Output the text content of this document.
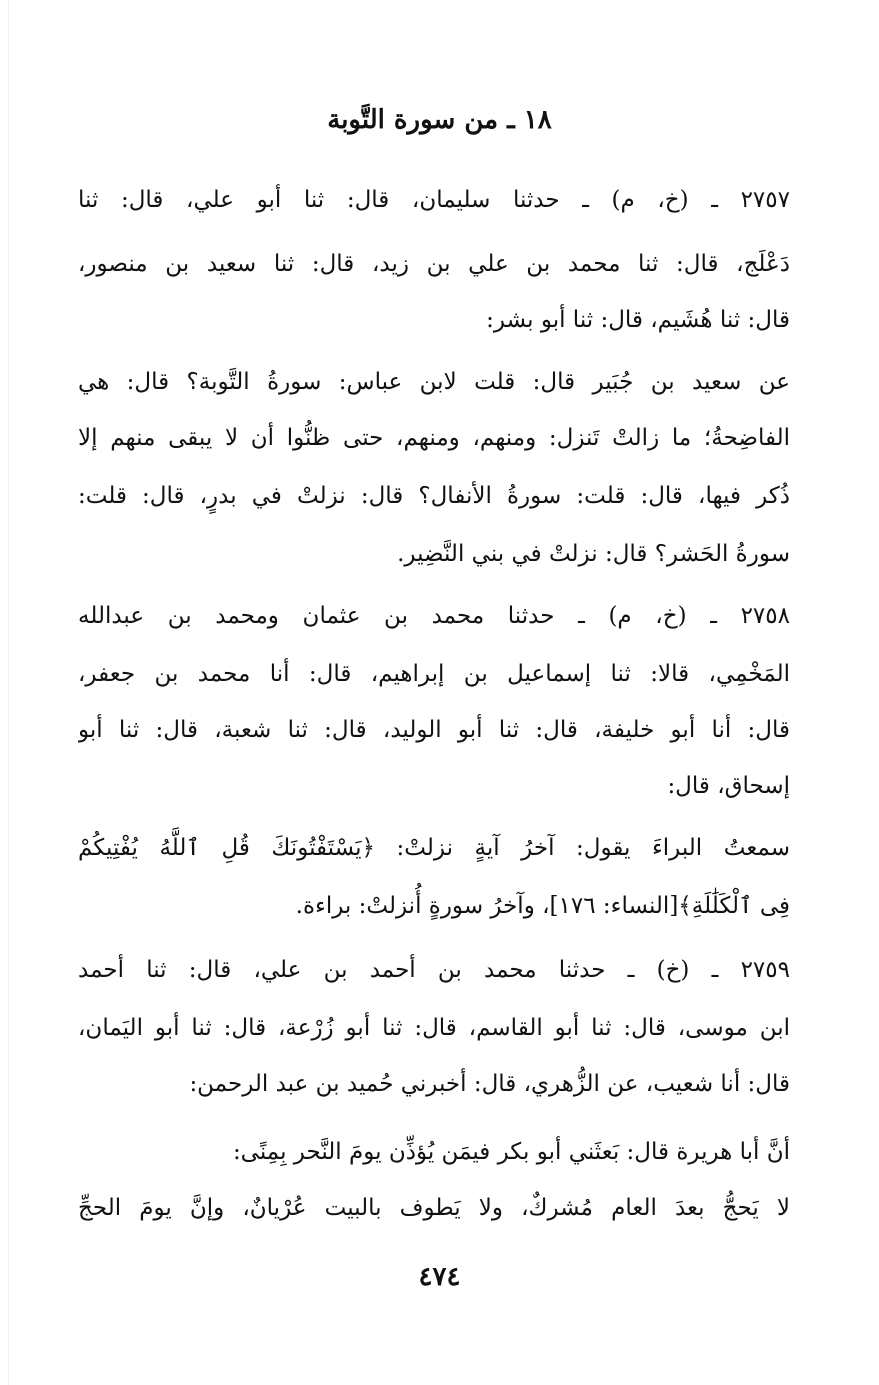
١٨ ـ من سورة التَّوبة
٢٧٥٧ ـ (خ، م) ـ حدثنا سليمان، قال: ثنا أبو علي، قال: ثنا
دَعْلَج، قال: ثنا محمد بن علي بن زيد، قال: ثنا سعيد بن منصور،
قال: ثنا هُشَيم، قال: ثنا أبو بشر:
عن سعيد بن جُبَير قال: قلت لابن عباس: سورةُ التَّوبة؟ قال: هي
الفاضِحةُ؛ ما زالتْ تَنزل: ومنهم، ومنهم، حتى ظنُّوا أن لا يبقى منهم إلا
ذُكر فيها، قال: قلت: سورةُ الأنفال؟ قال: نزلتْ في بدرٍ، قال: قلت:
سورةُ الحَشر؟ قال: نزلتْ في بني النَّضِير.
٢٧٥٨ ـ (خ، م) ـ حدثنا محمد بن عثمان ومحمد بن عبدالله
المَخْمِي، قالا: ثنا إسماعيل بن إبراهيم، قال: أنا محمد بن جعفر،
قال: أنا أبو خليفة، قال: ثنا أبو الوليد، قال: ثنا شعبة، قال: ثنا أبو
إسحاق، قال:
سمعتُ البراءَ يقول: آخرُ آيةٍ نزلتْ: ﴿يَسْتَفْتُونَكَ قُلِ ٱللَّهُ يُفْتِيكُمْ
فِى ٱلْكَلَٰلَةِ﴾[النساء: ١٧٦]، وآخرُ سورةٍ أُنزلتْ: براءة.
٢٧٥٩ ـ (خ) ـ حدثنا محمد بن أحمد بن علي، قال: ثنا أحمد
ابن موسى، قال: ثنا أبو القاسم، قال: ثنا أبو زُرْعة، قال: ثنا أبو اليَمان،
قال: أنا شعيب، عن الزُّهري، قال: أخبرني حُميد بن عبد الرحمن:
أنَّ أبا هريرة قال: بَعثَني أبو بكر فيمَن يُؤذِّن يومَ النَّحر بِمِنًى:
لا يَحجُّ بعدَ العام مُشركٌ، ولا يَطوف بالبيت عُرْيانٌ، وإنَّ يومَ الحجِّ
٤٧٤
